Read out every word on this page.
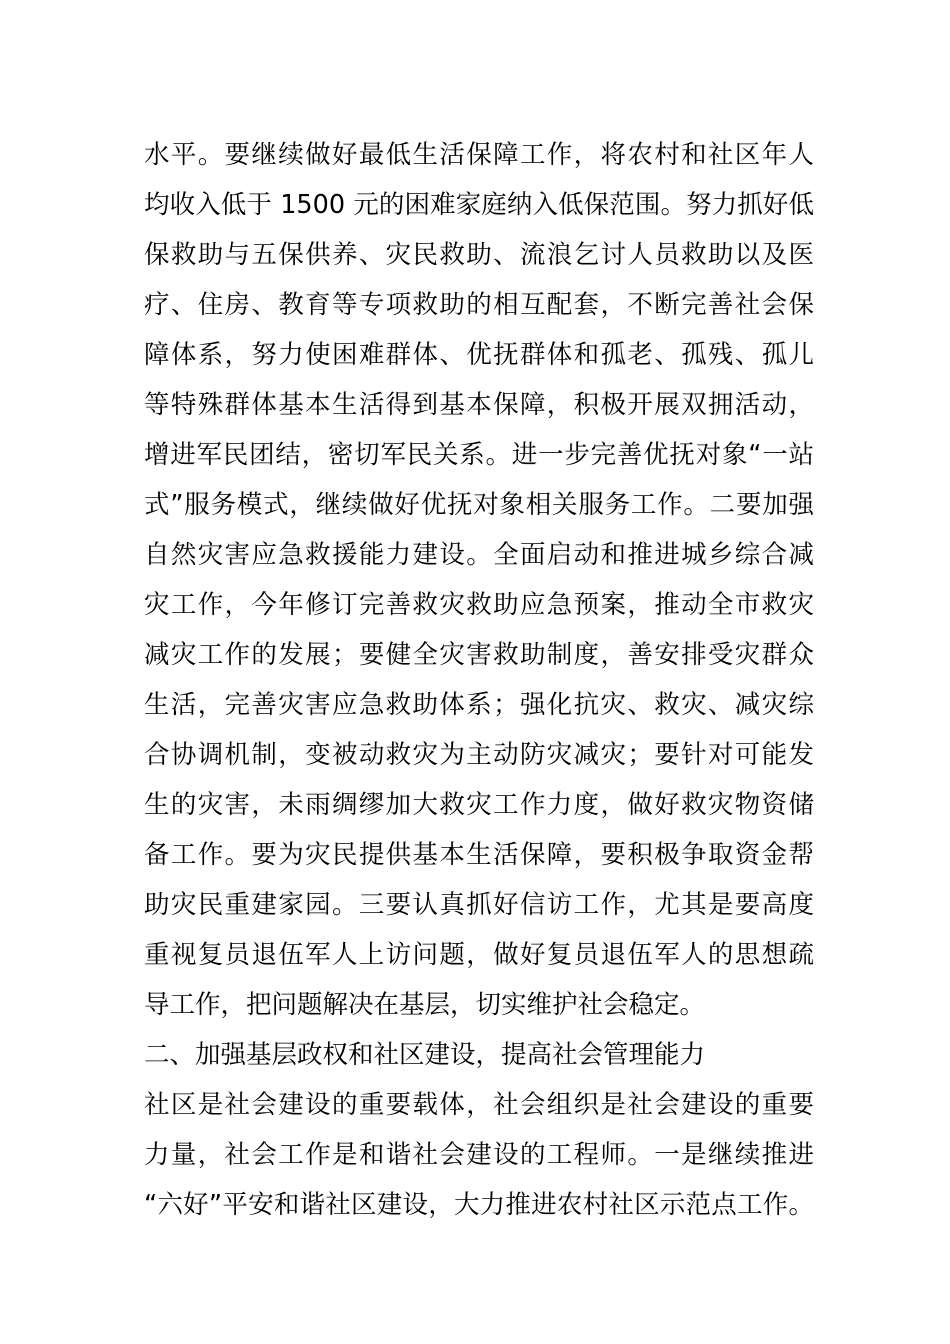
水平。要继续做好最低生活保障工作，将农村和社区年人
均收入低于 1500 元的困难家庭纳入低保范围。努力抓好低
保救助与五保供养、灾民救助、流浪乞讨人员救助以及医
疗、住房、教育等专项救助的相互配套，不断完善社会保
障体系，努力使困难群体、优抚群体和孤老、孤残、孤儿
等特殊群体基本生活得到基本保障，积极开展双拥活动，
增进军民团结，密切军民关系。进一步完善优抚对象“一站
式”服务模式，继续做好优抚对象相关服务工作。二要加强
自然灾害应急救援能力建设。全面启动和推进城乡综合减
灾工作，今年修订完善救灾救助应急预案，推动全市救灾
减灾工作的发展；要健全灾害救助制度，善安排受灾群众
生活，完善灾害应急救助体系；强化抗灾、救灾、减灾综
合协调机制，变被动救灾为主动防灾减灾；要针对可能发
生的灾害，未雨绸缪加大救灾工作力度，做好救灾物资储
备工作。要为灾民提供基本生活保障，要积极争取资金帮
助灾民重建家园。三要认真抓好信访工作，尤其是要高度
重视复员退伍军人上访问题，做好复员退伍军人的思想疏
导工作，把问题解决在基层，切实维护社会稳定。
二、加强基层政权和社区建设，提高社会管理能力
社区是社会建设的重要载体，社会组织是社会建设的重要
力量，社会工作是和谐社会建设的工程师。一是继续推进
“六好”平安和谐社区建设，大力推进农村社区示范点工作。
